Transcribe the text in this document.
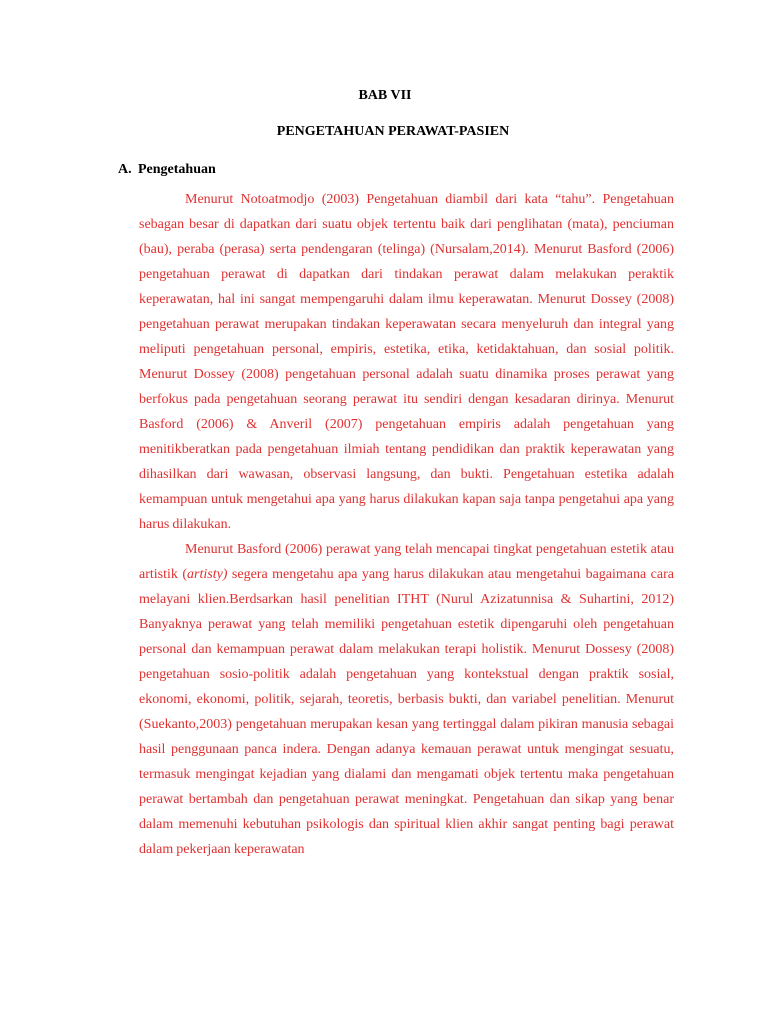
BAB VII
PENGETAHUAN PERAWAT-PASIEN
A. Pengetahuan

Menurut Notoatmodjo (2003) Pengetahuan diambil dari kata “tahu”. Pengetahuan sebagan besar di dapatkan dari suatu objek tertentu baik dari penglihatan (mata), penciuman (bau), peraba (perasa) serta pendengaran (telinga) (Nursalam,2014). Menurut Basford (2006) pengetahuan perawat di dapatkan dari tindakan perawat dalam melakukan peraktik keperawatan, hal ini sangat mempengaruhi dalam ilmu keperawatan. Menurut Dossey (2008) pengetahuan perawat merupakan tindakan keperawatan secara menyeluruh dan integral yang meliputi pengetahuan personal, empiris, estetika, etika, ketidaktahuan, dan sosial politik. Menurut Dossey (2008) pengetahuan personal adalah suatu dinamika proses perawat yang berfokus pada pengetahuan seorang perawat itu sendiri dengan kesadaran dirinya. Menurut Basford (2006) & Anveril (2007) pengetahuan empiris adalah pengetahuan yang menitikberatkan pada pengetahuan ilmiah tentang pendidikan dan praktik keperawatan yang dihasilkan dari wawasan, observasi langsung, dan bukti. Pengetahuan estetika adalah kemampuan untuk mengetahui apa yang harus dilakukan kapan saja tanpa pengetahui apa yang harus dilakukan.

Menurut Basford (2006) perawat yang telah mencapai tingkat pengetahuan estetik atau artistik (artisty) segera mengetahu apa yang harus dilakukan atau mengetahui bagaimana cara melayani klien.Berdsarkan hasil penelitian ITHT (Nurul Azizatunnisa & Suhartini, 2012) Banyaknya perawat yang telah memiliki pengetahuan estetik dipengaruhi oleh pengetahuan personal dan kemampuan perawat dalam melakukan terapi holistik. Menurut Dossesy (2008) pengetahuan sosio-politik adalah pengetahuan yang kontekstual dengan praktik sosial, ekonomi, ekonomi, politik, sejarah, teoretis, berbasis bukti, dan variabel penelitian. Menurut (Suekanto,2003) pengetahuan merupakan kesan yang tertinggal dalam pikiran manusia sebagai hasil penggunaan panca indera. Dengan adanya kemauan perawat untuk mengingat sesuatu, termasuk mengingat kejadian yang dialami dan mengamati objek tertentu maka pengetahuan perawat bertambah dan pengetahuan perawat meningkat. Pengetahuan dan sikap yang benar dalam memenuhi kebutuhan psikologis dan spiritual klien akhir sangat penting bagi perawat dalam pekerjaan keperawatan
